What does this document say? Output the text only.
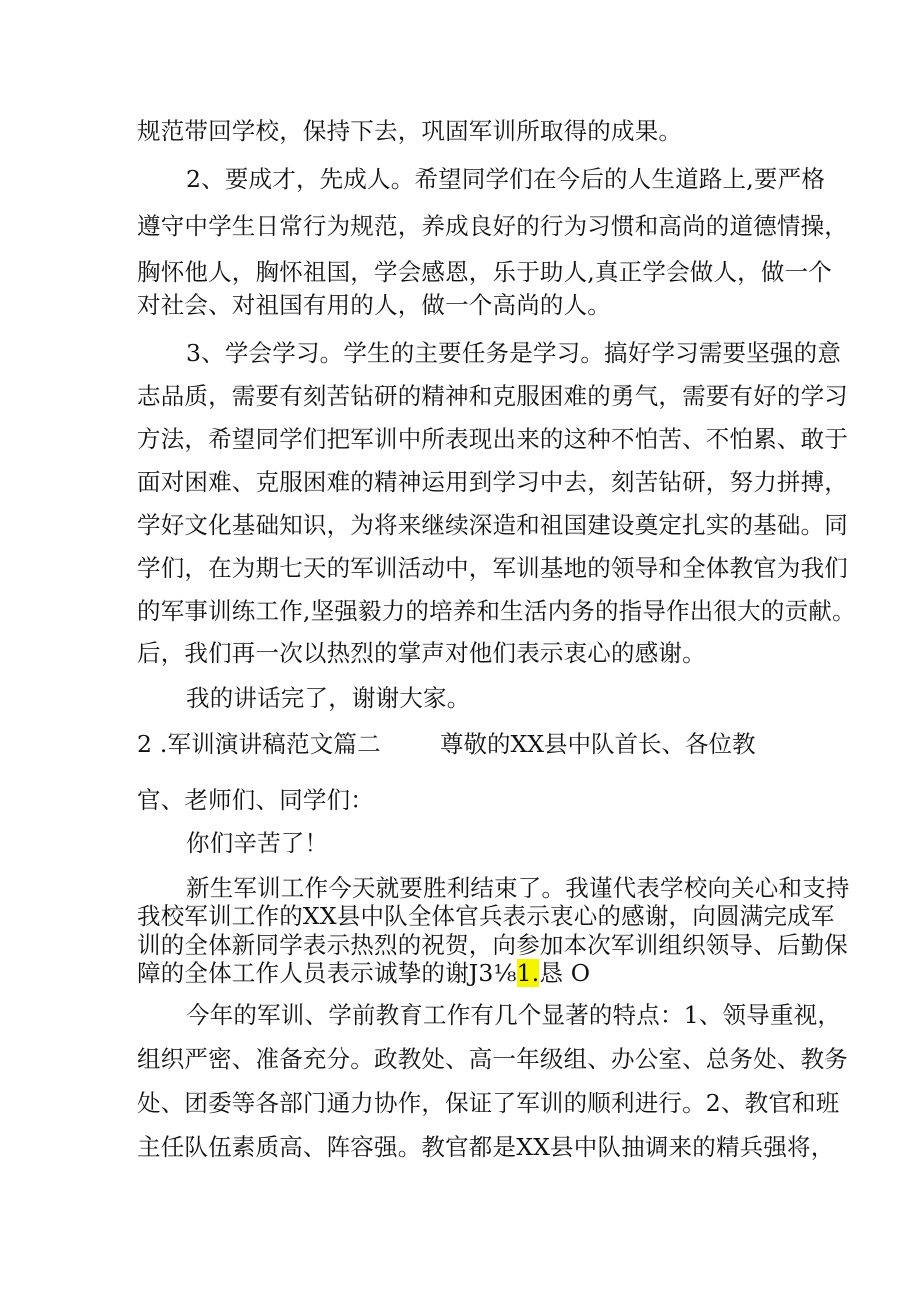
规范带回学校，保持下去，巩固军训所取得的成果。
2、要成才，先成人。希望同学们在今后的人生道路上,要严格
遵守中学生日常行为规范，养成良好的行为习惯和高尚的道德情操，
胸怀他人，胸怀祖国，学会感恩，乐于助人,真正学会做人，做一个
对社会、对祖国有用的人，做一个高尚的人。
3、学会学习。学生的主要任务是学习。搞好学习需要坚强的意
志品质，需要有刻苦钻研的精神和克服困难的勇气，需要有好的学习
方法，希望同学们把军训中所表现出来的这种不怕苦、不怕累、敢于
面对困难、克服困难的精神运用到学习中去，刻苦钻研，努力拼搏，
学好文化基础知识，为将来继续深造和祖国建设奠定扎实的基础。同
学们，在为期七天的军训活动中，军训基地的领导和全体教官为我们
的军事训练工作,坚强毅力的培养和生活内务的指导作出很大的贡献。
后，我们再一次以热烈的掌声对他们表示衷心的感谢。
我的讲话完了，谢谢大家。
2 .军训演讲稿范文篇二	尊敬的XX县中队首长、各位教
官、老师们、同学们：
你们辛苦了！
新生军训工作今天就要胜利结束了。我谨代表学校向关心和支持
我校军训工作的XX县中队全体官兵表示衷心的感谢，向圆满完成军
训的全体新同学表示热烈的祝贺，向参加本次军训组织领导、后勤保
障的全体工作人员表示诚挚的谢J3⅛1.恳 O
今年的军训、学前教育工作有几个显著的特点：1、领导重视，
组织严密、准备充分。政教处、高一年级组、办公室、总务处、教务
处、团委等各部门通力协作，保证了军训的顺利进行。2、教官和班
主任队伍素质高、阵容强。教官都是XX县中队抽调来的精兵强将，
